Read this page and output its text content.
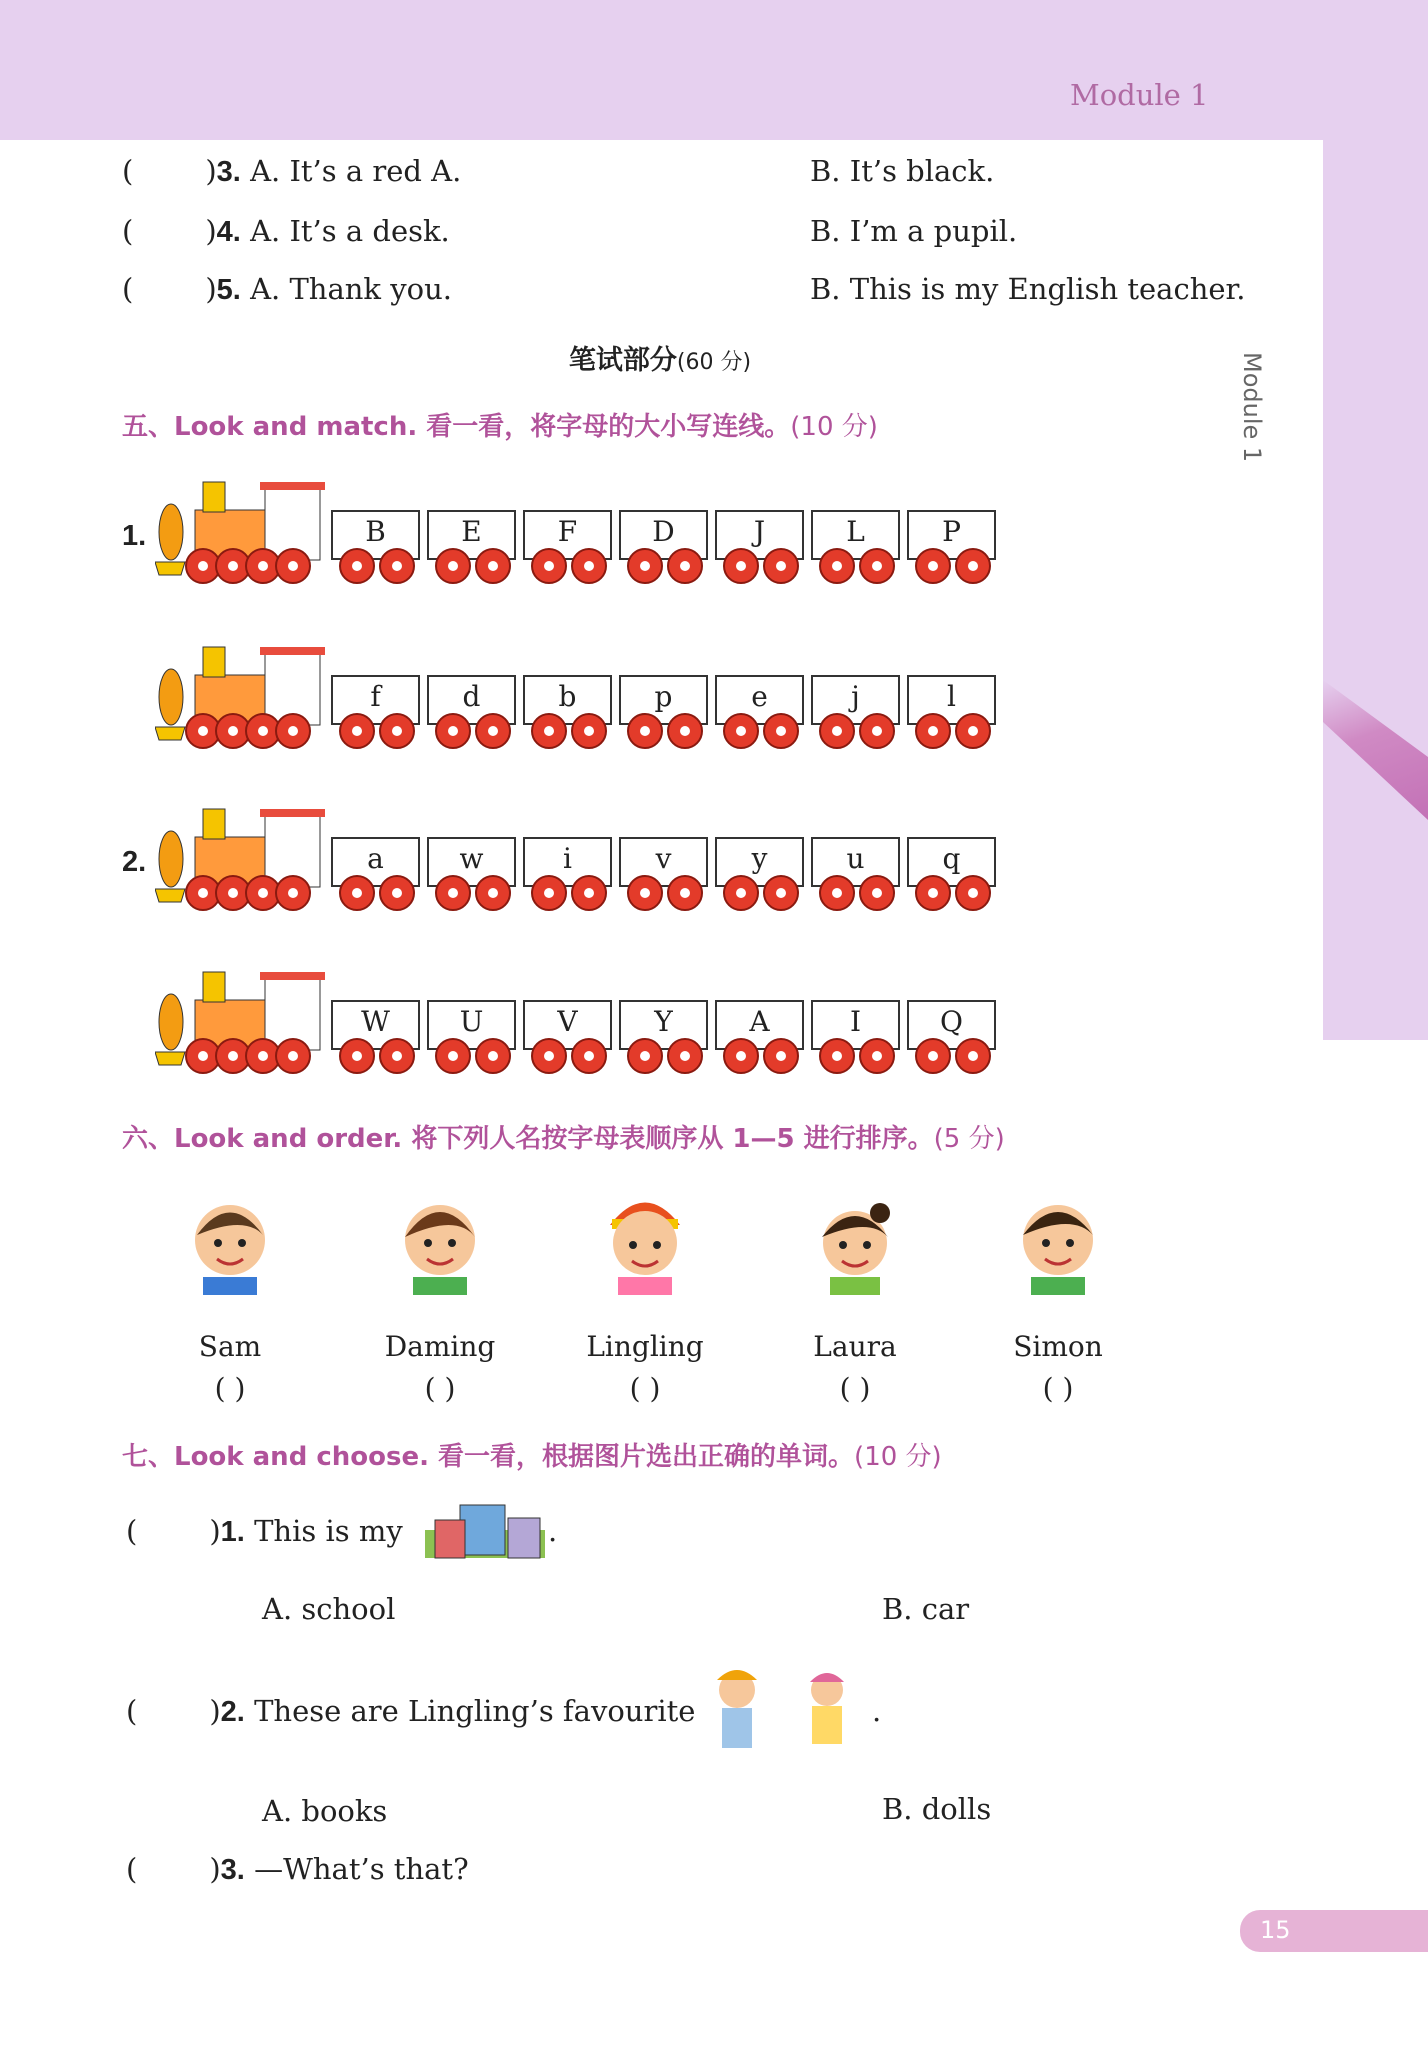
Module 1
Module 1
( )3. A. It’s a red A.	B. It’s black.
( )4. A. It’s a desk.	B. I’m a pupil.
( )5. A. Thank you.	B. This is my English teacher.
笔试部分(60 分)
五、Look and match. 看一看，将字母的大小写连线。(10 分)
1.
2.
B	E	F	D	J	L	P
f	d	b	p	e	j	l
a	w	i	v	y	u	q
W	U	V	Y	A	I	Q
六、Look and order. 将下列人名按字母表顺序从 1—5 进行排序。(5 分)
Sam	Daming	Lingling	Laura	Simon
( )	( )	( )	( )	( )
七、Look and choose. 看一看，根据图片选出正确的单词。(10 分)
( )1. This is my	.
A. school	B. car
( )2. These are Lingling’s favourite	.
A. books	B. dolls
( )3. —What’s that?
15
